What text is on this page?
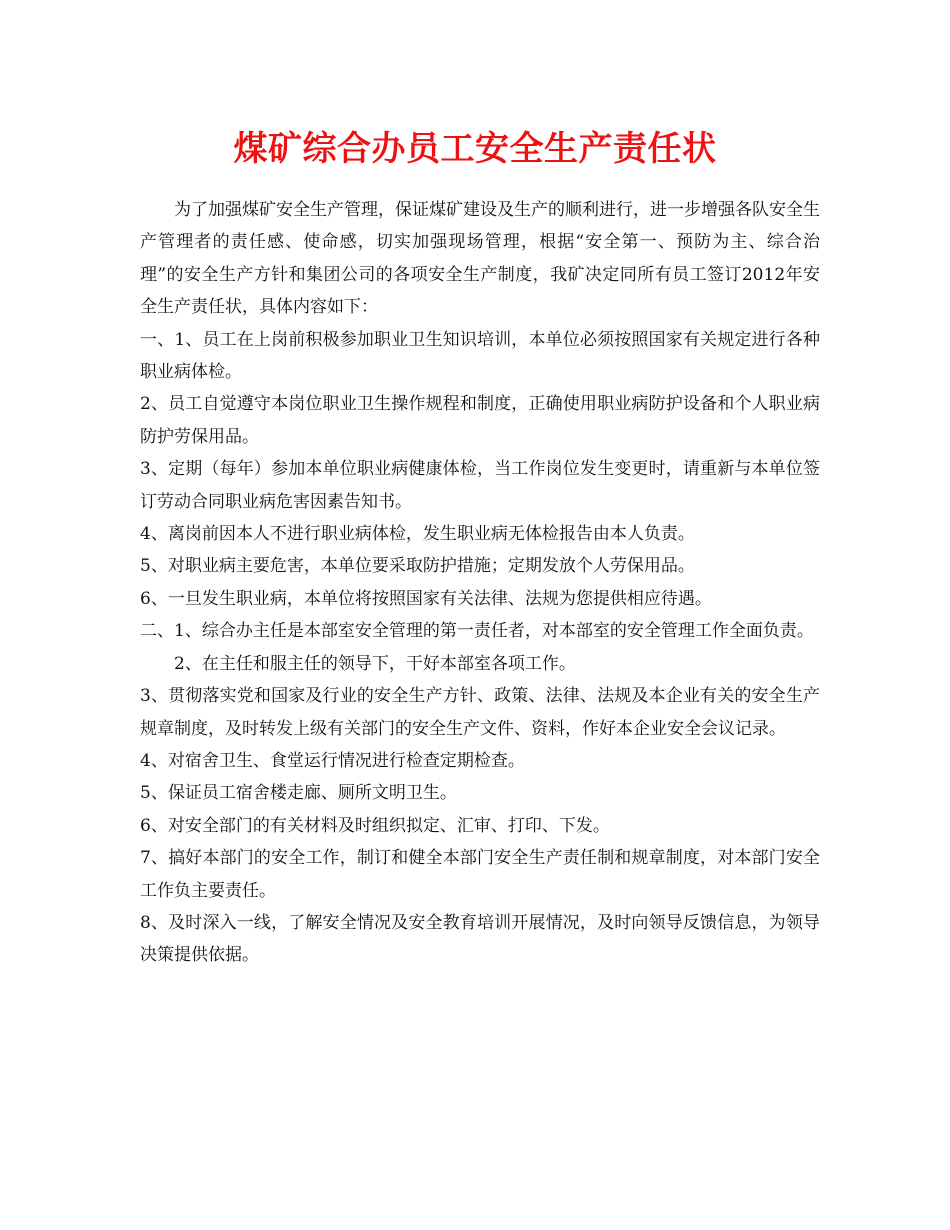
煤矿综合办员工安全生产责任状

为了加强煤矿安全生产管理，保证煤矿建设及生产的顺利进行，进一步增强各队安全生产管理者的责任感、使命感，切实加强现场管理，根据“安全第一、预防为主、综合治理”的安全生产方针和集团公司的各项安全生产制度，我矿决定同所有员工签订2012年安全生产责任状，具体内容如下：

一、1、员工在上岗前积极参加职业卫生知识培训，本单位必须按照国家有关规定进行各种职业病体检。

2、员工自觉遵守本岗位职业卫生操作规程和制度，正确使用职业病防护设备和个人职业病防护劳保用品。

3、定期（每年）参加本单位职业病健康体检，当工作岗位发生变更时，请重新与本单位签订劳动合同职业病危害因素告知书。

4、离岗前因本人不进行职业病体检，发生职业病无体检报告由本人负责。

5、对职业病主要危害，本单位要采取防护措施；定期发放个人劳保用品。

6、一旦发生职业病，本单位将按照国家有关法律、法规为您提供相应待遇。

二、1、综合办主任是本部室安全管理的第一责任者，对本部室的安全管理工作全面负责。

2、在主任和服主任的领导下，干好本部室各项工作。

3、贯彻落实党和国家及行业的安全生产方针、政策、法律、法规及本企业有关的安全生产规章制度，及时转发上级有关部门的安全生产文件、资料，作好本企业安全会议记录。

4、对宿舍卫生、食堂运行情况进行检查定期检查。

5、保证员工宿舍楼走廊、厕所文明卫生。

6、对安全部门的有关材料及时组织拟定、汇审、打印、下发。

7、搞好本部门的安全工作，制订和健全本部门安全生产责任制和规章制度，对本部门安全工作负主要责任。

8、及时深入一线，了解安全情况及安全教育培训开展情况，及时向领导反馈信息，为领导决策提供依据。
